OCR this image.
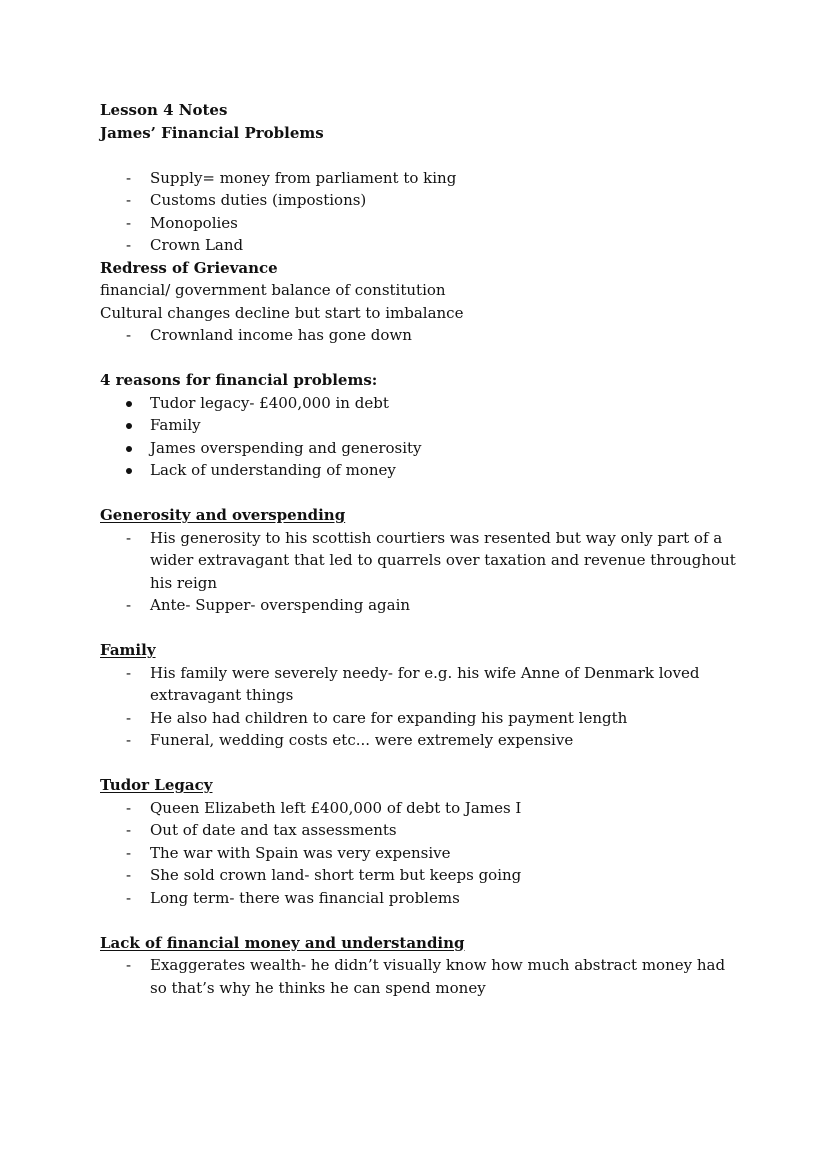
Lesson 4 Notes

James’ Financial Problems

- Supply= money from parliament to king
- Customs duties (impostions)
- Monopolies
- Crown Land

Redress of Grievance

financial/ government balance of constitution

Cultural changes decline but start to imbalance

- Crownland income has gone down

4 reasons for financial problems:

Tudor legacy- £400,000 in debt
Family
James overspending and generosity
Lack of understanding of money

Generosity and overspending

- His generosity to his scottish courtiers was resented but way only part of a wider extravagant that led to quarrels over taxation and revenue throughout his reign
- Ante- Supper- overspending again

Family

- His family were severely needy- for e.g. his wife Anne of Denmark loved extravagant things
- He also had children to care for expanding his payment length
- Funeral, wedding costs etc... were extremely expensive

Tudor Legacy

- Queen Elizabeth left £400,000 of debt to James I
- Out of date and tax assessments
- The war with Spain was very expensive
- She sold crown land- short term but keeps going
- Long term- there was financial problems

Lack of financial money and understanding

- Exaggerates wealth- he didn’t visually know how much abstract money had so that’s why he thinks he can spend money
